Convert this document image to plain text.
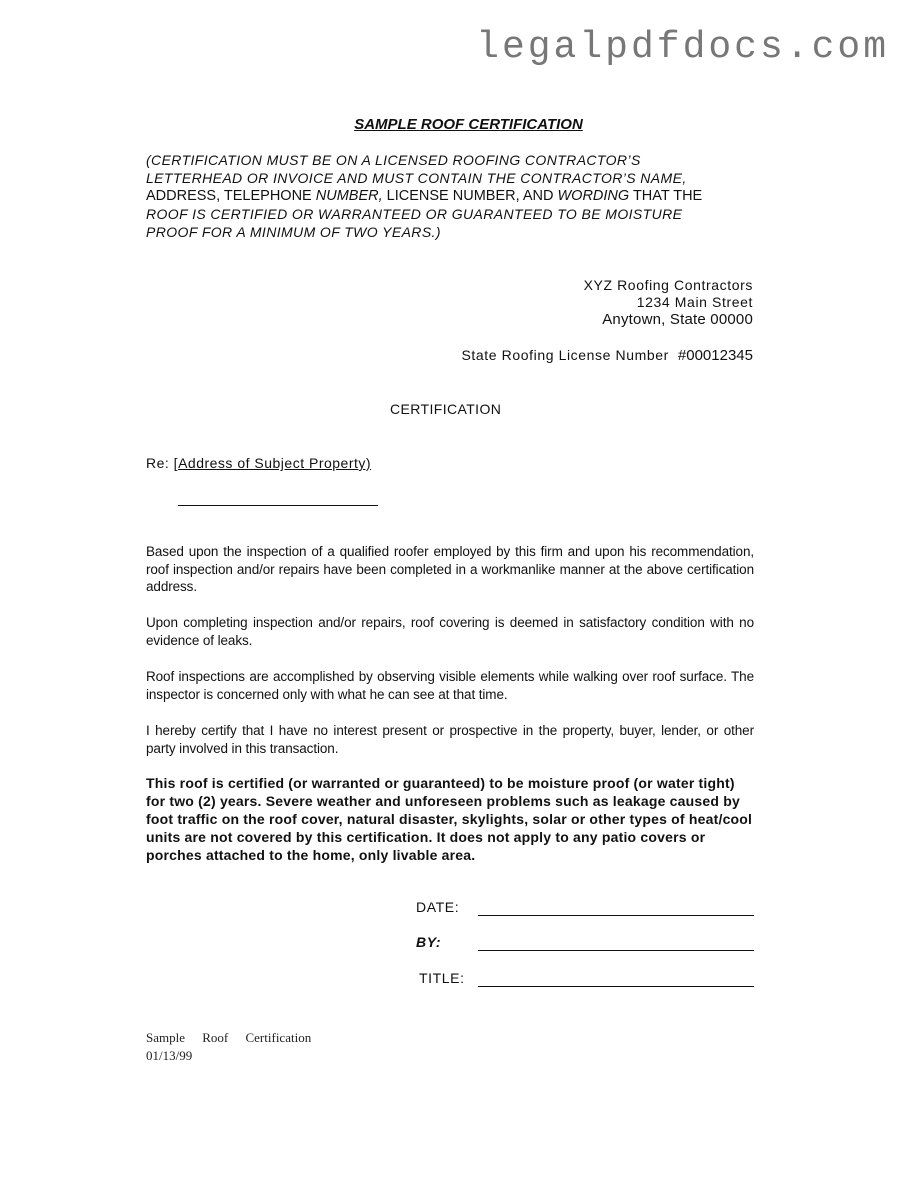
legalpdfdocs.com
SAMPLE ROOF CERTIFICATION
(CERTIFICATION MUST BE ON A LICENSED ROOFING CONTRACTOR’S
LETTERHEAD OR INVOICE AND MUST CONTAIN THE CONTRACTOR’S NAME,
ADDRESS, TELEPHONE NUMBER, LICENSE NUMBER, AND WORDING THAT THE
ROOF IS CERTIFIED OR WARRANTEED OR GUARANTEED TO BE MOISTURE
PROOF FOR A MINIMUM OF TWO YEARS.)
XYZ Roofing Contractors
1234 Main Street
Anytown, State 00000
State Roofing License Number #00012345
CERTIFICATION
Re: [Address of Subject Property)
Based upon the inspection of a qualified roofer employed by this firm and upon his recommendation, roof inspection and/or repairs have been completed in a workmanlike manner at the above certification address.
Upon completing inspection and/or repairs, roof covering is deemed in satisfactory condition with no evidence of leaks.
Roof inspections are accomplished by observing visible elements while walking over roof surface. The inspector is concerned only with what he can see at that time.
I hereby certify that I have no interest present or prospective in the property, buyer, lender, or other party involved in this transaction.
This roof is certified (or warranted or guaranteed) to be moisture proof (or water tight) for two (2) years. Severe weather and unforeseen problems such as leakage caused by foot traffic on the roof cover, natural disaster, skylights, solar or other types of heat/cool units are not covered by this certification. It does not apply to any patio covers or porches attached to the home, only livable area.
DATE:
BY:
TITLE:
Sample Roof Certification
01/13/99
